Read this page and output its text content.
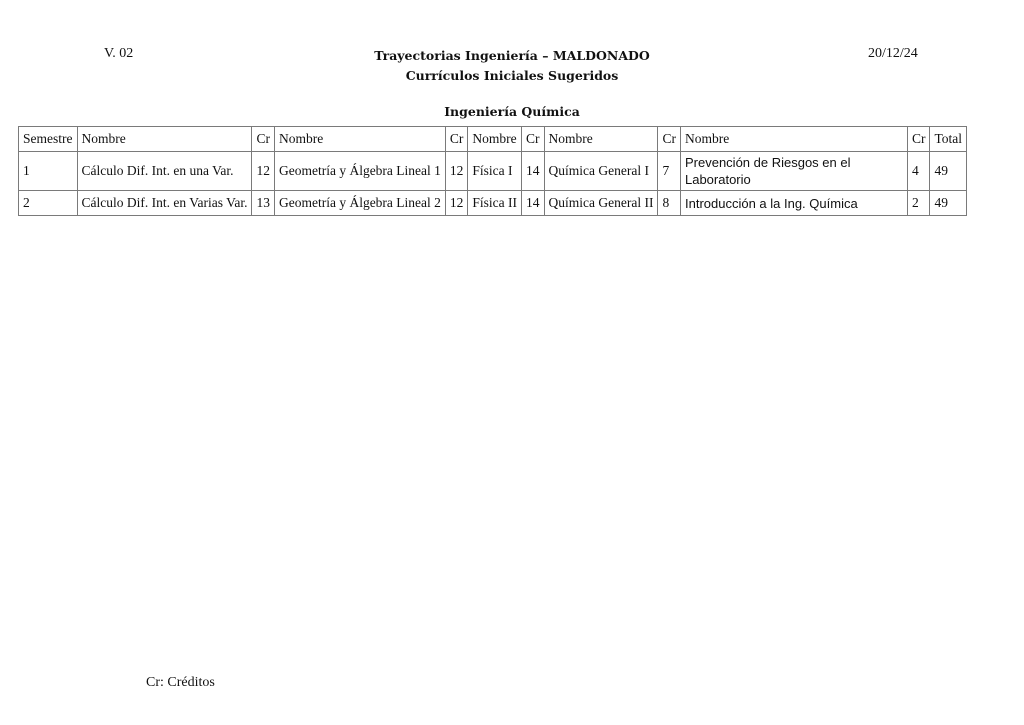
V. 02	Trayectorias Ingeniería – MALDONADO
Currículos Iniciales Sugeridos
20/12/24
Ingeniería Química
Semestre	Nombre	Cr	Nombre	Cr	Nombre	Cr	Nombre	Cr	Nombre	Cr	Total
1	Cálculo Dif. Int. en una Var.	12	Geometría y Álgebra Lineal 1	12	Física I	14	Química General I	7	Prevención de Riesgos en el Laboratorio	4	49
2	Cálculo Dif. Int. en Varias Var.	13	Geometría y Álgebra Lineal 2	12	Física II	14	Química General II	8	Introducción a la Ing. Química	2	49
Cr: Créditos
